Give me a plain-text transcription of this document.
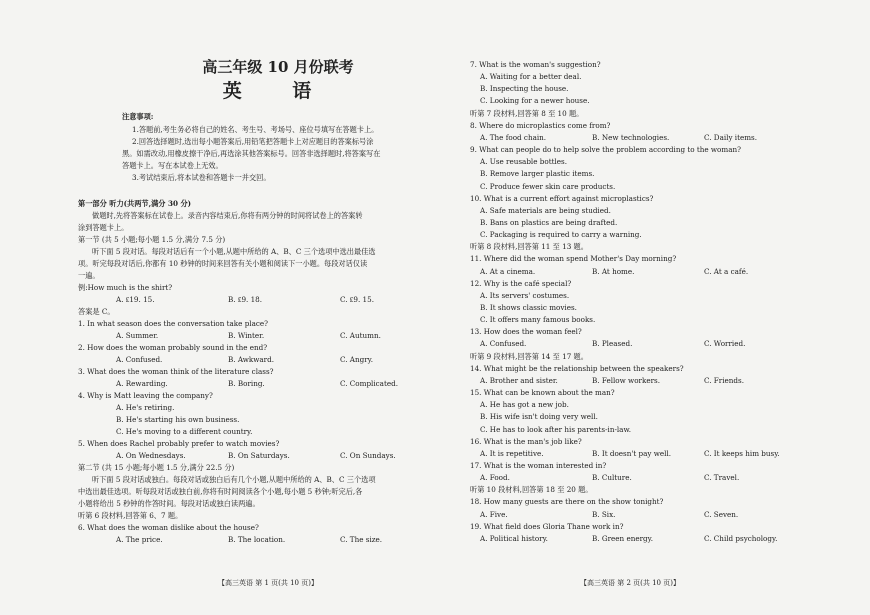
高三年级 10 月份联考
英 语
注意事项:
1.答题前,考生务必将自己的姓名、考生号、考场号、座位号填写在答题卡上。
2.回答选择题时,选出每小题答案后,用铅笔把答题卡上对应题目的答案标号涂
黑。如需改动,用橡皮擦干净后,再选涂其他答案标号。回答非选择题时,将答案写在
答题卡上。写在本试卷上无效。
3.考试结束后,将本试卷和答题卡一并交回。
第一部分 听力(共两节,满分 30 分)
做题时,先将答案标在试卷上。录音内容结束后,你将有两分钟的时间将试卷上的答案转
涂到答题卡上。
第一节 (共 5 小题;每小题 1.5 分,满分 7.5 分)
听下面 5 段对话。每段对话后有一个小题,从题中所给的 A、B、C 三个选项中选出最佳选
项。听完每段对话后,你都有 10 秒钟的时间来回答有关小题和阅读下一小题。每段对话仅读
一遍。
例:How much is the shirt?
A. ₤19. 15.	B. ₤9. 18.	C. ₤9. 15.
答案是 C。
1. In what season does the conversation take place?
A. Summer.	B. Winter.	C. Autumn.
2. How does the woman probably sound in the end?
A. Confused.	B. Awkward.	C. Angry.
3. What does the woman think of the literature class?
A. Rewarding.	B. Boring.	C. Complicated.
4. Why is Matt leaving the company?
A. He's retiring.
B. He's starting his own business.
C. He's moving to a different country.
5. When does Rachel probably prefer to watch movies?
A. On Wednesdays.	B. On Saturdays.	C. On Sundays.
第二节 (共 15 小题;每小题 1.5 分,满分 22.5 分)
听下面 5 段对话或独白。每段对话或独白后有几个小题,从题中所给的 A、B、C 三个选项
中选出最佳选项。听每段对话或独白前,你将有时间阅读各个小题,每小题 5 秒钟;听完后,各
小题将给出 5 秒钟的作答时间。每段对话或独白读两遍。
听第 6 段材料,回答第 6、7 题。
6. What does the woman dislike about the house?
A. The price.	B. The location.	C. The size.
【高三英语 第 1 页(共 10 页)】
7. What is the woman's suggestion?
A. Waiting for a better deal.
B. Inspecting the house.
C. Looking for a newer house.
听第 7 段材料,回答第 8 至 10 题。
8. Where do microplastics come from?
A. The food chain.	B. New technologies.	C. Daily items.
9. What can people do to help solve the problem according to the woman?
A. Use reusable bottles.
B. Remove larger plastic items.
C. Produce fewer skin care products.
10. What is a current effort against microplastics?
A. Safe materials are being studied.
B. Bans on plastics are being drafted.
C. Packaging is required to carry a warning.
听第 8 段材料,回答第 11 至 13 题。
11. Where did the woman spend Mother's Day morning?
A. At a cinema.	B. At home.	C. At a café.
12. Why is the café special?
A. Its servers' costumes.
B. It shows classic movies.
C. It offers many famous books.
13. How does the woman feel?
A. Confused.	B. Pleased.	C. Worried.
听第 9 段材料,回答第 14 至 17 题。
14. What might be the relationship between the speakers?
A. Brother and sister.	B. Fellow workers.	C. Friends.
15. What can be known about the man?
A. He has got a new job.
B. His wife isn't doing very well.
C. He has to look after his parents-in-law.
16. What is the man's job like?
A. It is repetitive.	B. It doesn't pay well.	C. It keeps him busy.
17. What is the woman interested in?
A. Food.	B. Culture.	C. Travel.
听第 10 段材料,回答第 18 至 20 题。
18. How many guests are there on the show tonight?
A. Five.	B. Six.	C. Seven.
19. What field does Gloria Thane work in?
A. Political history.	B. Green energy.	C. Child psychology.
【高三英语 第 2 页(共 10 页)】
